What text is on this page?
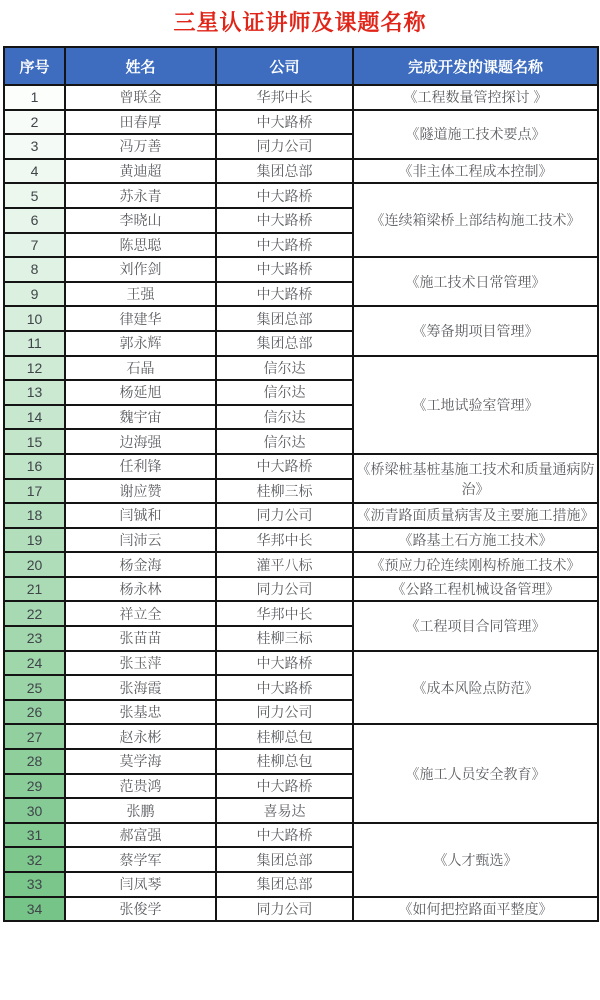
三星认证讲师及课题名称
序号	姓名	公司	完成开发的课题名称
1	曾联金	华邦中长	《工程数量管控探讨 》
2	田春厚	中大路桥	《隧道施工技术要点》
3	冯万善	同力公司	
4	黄迪超	集团总部	《非主体工程成本控制》
5	苏永青	中大路桥	《连续箱梁桥上部结构施工技术》
6	李晓山	中大路桥	
7	陈思聪	中大路桥	
8	刘作剑	中大路桥	《施工技术日常管理》
9	王强	中大路桥	
10	律建华	集团总部	《筹备期项目管理》
11	郭永辉	集团总部	
12	石晶	信尔达	《工地试验室管理》
13	杨延旭	信尔达	
14	魏宇宙	信尔达	
15	边海强	信尔达	
16	任利锋	中大路桥	《桥梁桩基桩基施工技术和质量通病防治》
17	谢应赞	桂柳三标	
18	闫铖和	同力公司	《沥青路面质量病害及主要施工措施》
19	闫沛云	华邦中长	《路基土石方施工技术》
20	杨金海	灌平八标	《预应力砼连续刚构桥施工技术》
21	杨永林	同力公司	《公路工程机械设备管理》
22	祥立全	华邦中长	《工程项目合同管理》
23	张苗苗	桂柳三标	
24	张玉萍	中大路桥	《成本风险点防范》
25	张海霞	中大路桥	
26	张基忠	同力公司	
27	赵永彬	桂柳总包	《施工人员安全教育》
28	莫学海	桂柳总包	
29	范贵鸿	中大路桥	
30	张鹏	喜易达	
31	郝富强	中大路桥	《人才甄选》
32	蔡学军	集团总部	
33	闫凤琴	集团总部	
34	张俊学	同力公司	《如何把控路面平整度》
